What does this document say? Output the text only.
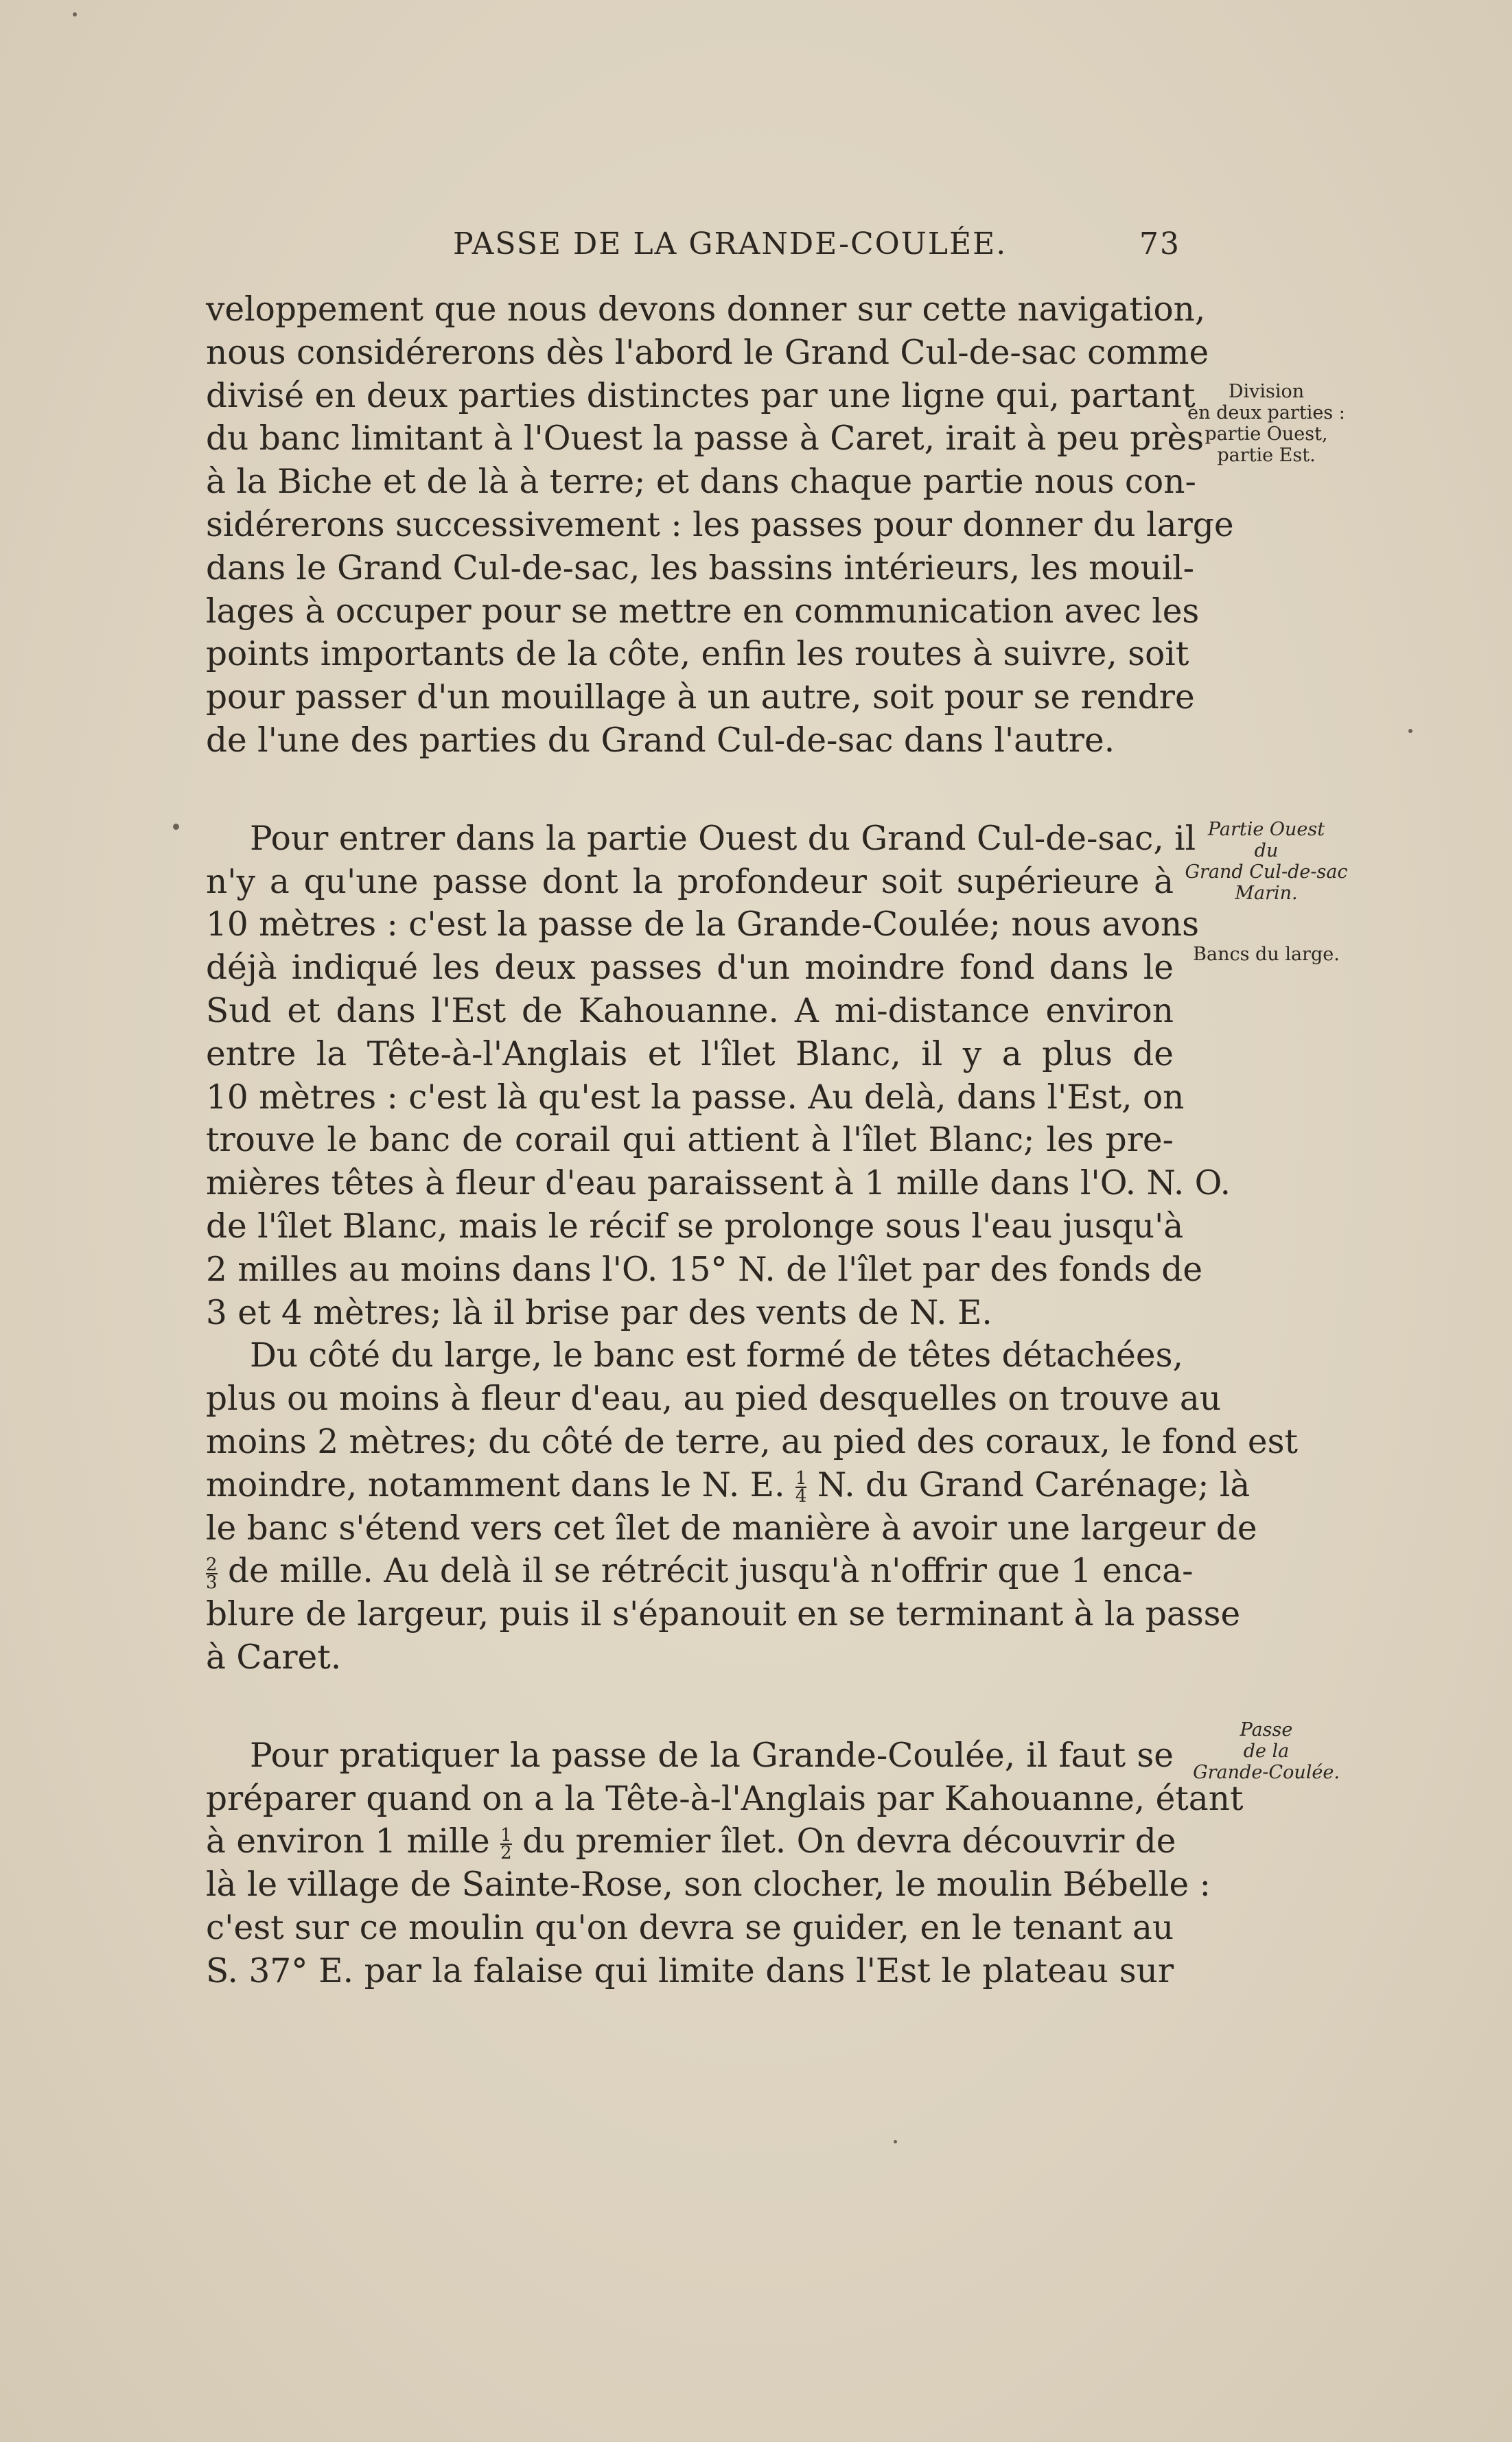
PASSE DE LA GRANDE-COULÉE.	73

veloppement que nous devons donner sur cette navigation,
nous considérerons dès l'abord le Grand Cul-de-sac comme
divisé en deux parties distinctes par une ligne qui, partant
du banc limitant à l'Ouest la passe à Caret, irait à peu près
à la Biche et de là à terre; et dans chaque partie nous con-
sidérerons successivement : les passes pour donner du large
dans le Grand Cul-de-sac, les bassins intérieurs, les mouil-
lages à occuper pour se mettre en communication avec les
points importants de la côte, enfin les routes à suivre, soit
pour passer d'un mouillage à un autre, soit pour se rendre
de l'une des parties du Grand Cul-de-sac dans l'autre.

Pour entrer dans la partie Ouest du Grand Cul-de-sac, il
n'y a qu'une passe dont la profondeur soit supérieure à
10 mètres : c'est la passe de la Grande-Coulée; nous avons
déjà indiqué les deux passes d'un moindre fond dans le
Sud et dans l'Est de Kahouanne. A mi-distance environ
entre la Tête-à-l'Anglais et l'îlet Blanc, il y a plus de
10 mètres : c'est là qu'est la passe. Au delà, dans l'Est, on
trouve le banc de corail qui attient à l'îlet Blanc; les pre-
mières têtes à fleur d'eau paraissent à 1 mille dans l'O. N. O.
de l'îlet Blanc, mais le récif se prolonge sous l'eau jusqu'à
2 milles au moins dans l'O. 15° N. de l'îlet par des fonds de
3 et 4 mètres; là il brise par des vents de N. E.

Du côté du large, le banc est formé de têtes détachées,
plus ou moins à fleur d'eau, au pied desquelles on trouve au
moins 2 mètres; du côté de terre, au pied des coraux, le fond est
moindre, notamment dans le N. E. $\frac{1}{4} N$. du Grand Carénage; là
le banc s'étend vers cet îlet de manière à avoir une largeur de
$\frac{2}{3}$ de mille. Au delà il se rétrécit jusqu'à n'offrir que 1 enca-
blure de largeur, puis il s'épanouit en se terminant à la passe
à Caret.

Pour pratiquer la passe de la Grande-Coulée, il faut se
préparer quand on a la Tête-à-l'Anglais par Kahouanne, étant
à environ 1 mille $\frac{1}{2}$ du premier îlet. On devra découvrir de
là le village de Sainte-Rose, son clocher, le moulin Bébelle :
c'est sur ce moulin qu'on devra se guider, en le tenant au
S. 37° E. par la falaise qui limite dans l'Est le plateau sur

Division
en deux parties :
partie Ouest,
partie Est.
Partie Ouest
du
Grand Cul-de-sac
Marin.
Bancs du large.
Passe
de la
Grande-Coulée.
